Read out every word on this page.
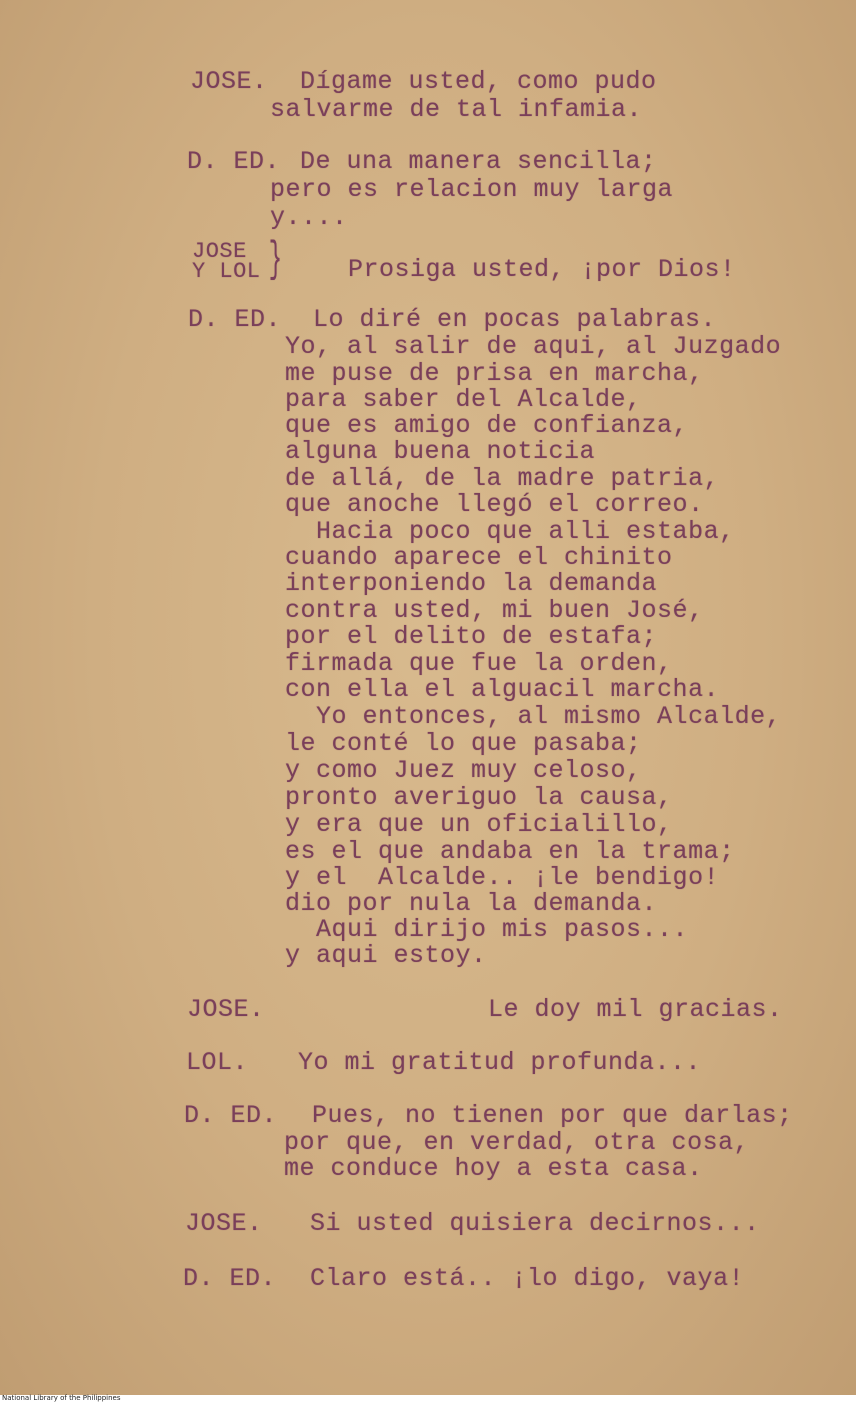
JOSE. Dígame usted, como pudo
salvarme de tal infamia.
D. ED. De una manera sencilla;
pero es relacion muy larga
y....
JOSE
Y LOL }	Prosiga usted, ¡por Dios!
D. ED. Lo diré en pocas palabras.
Yo, al salir de aqui, al Juzgado
me puse de prisa en marcha,
para saber del Alcalde,
que es amigo de confianza,
alguna buena noticia
de allá, de la madre patria,
que anoche llegó el correo.
Hacia poco que alli estaba,
cuando aparece el chinito
interponiendo la demanda
contra usted, mi buen José,
por el delito de estafa;
firmada que fue la orden,
con ella el alguacil marcha.
Yo entonces, al mismo Alcalde,
le conté lo que pasaba;
y como Juez muy celoso,
pronto averiguo la causa,
y era que un oficialillo,
es el que andaba en la trama;
y el  Alcalde.. ¡le bendigo!
dio por nula la demanda.
Aqui dirijo mis pasos...
y aqui estoy.
JOSE.	Le doy mil gracias.
LOL. Yo mi gratitud profunda...
D. ED. Pues, no tienen por que darlas;
por que, en verdad, otra cosa,
me conduce hoy a esta casa.
JOSE. Si usted quisiera decirnos...
D. ED. Claro está.. ¡lo digo, vaya!
National Library of the Philippines
